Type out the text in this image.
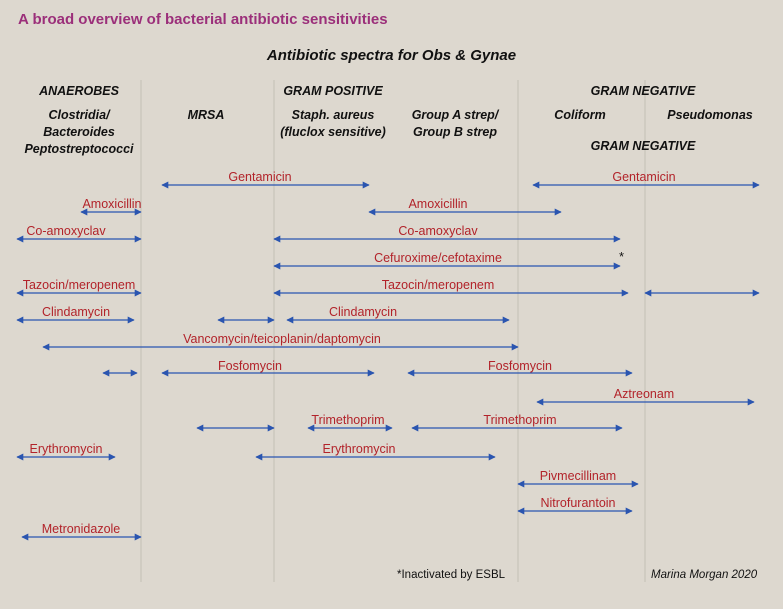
Gentamicin	Gentamicin
Amoxicillin	Amoxicillin
Co-amoxyclav	Co-amoxyclav
Cefuroxime/cefotaxime
Tazocin/meropenem	Tazocin/meropenem
Clindamycin	Clindamycin
Vancomycin/teicoplanin/daptomycin
Fosfomycin	Fosfomycin
Aztreonam
Trimethoprim	Trimethoprim
Erythromycin	Erythromycin
Pivmecillinam
Nitrofurantoin
Metronidazole
*
A broad overview of bacterial antibiotic sensitivities
Antibiotic spectra for Obs & Gynae
ANAEROBES	GRAM POSITIVE	GRAM NEGATIVE
Clostridia/
Bacteroides
Peptostreptococci
MRSA	Staph. aureus
(fluclox sensitive)
Group A strep/
Group B strep
Coliform	Pseudomonas
GRAM NEGATIVE
*Inactivated by ESBL	Marina Morgan 2020
